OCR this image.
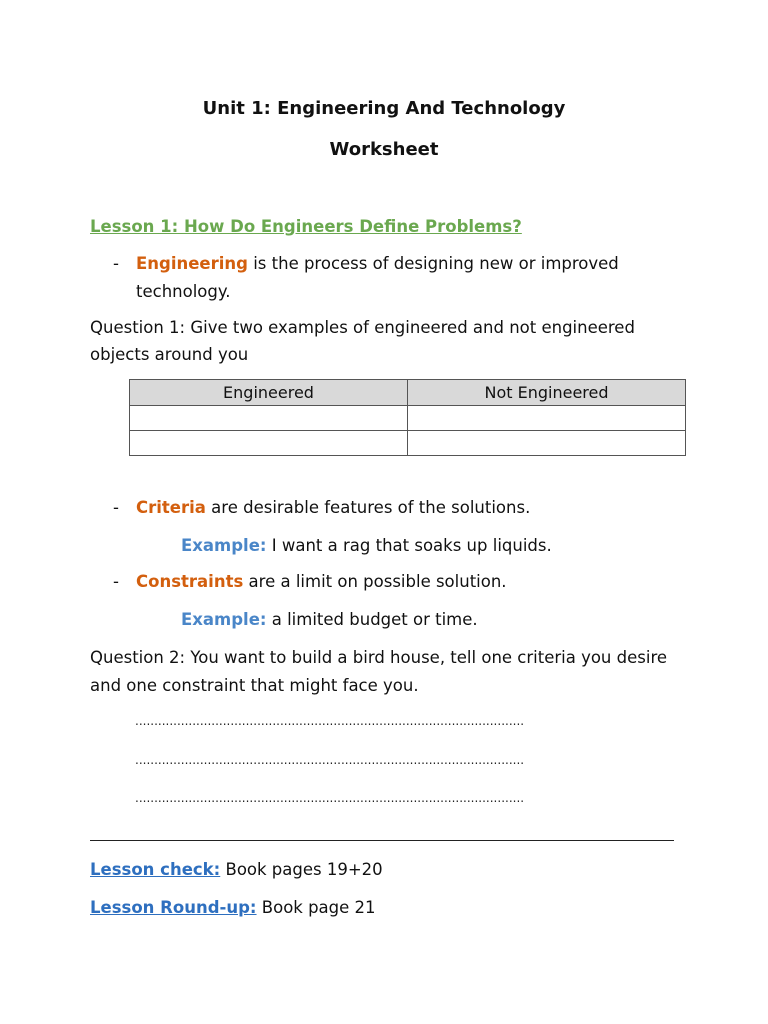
Unit 1: Engineering And Technology
Worksheet
Lesson 1: How Do Engineers Define Problems?
- Engineering is the process of designing new or improved
technology.
Question 1: Give two examples of engineered and not engineered
objects around you
Engineered	Not Engineered

- Criteria are desirable features of the solutions.
Example: I want a rag that soaks up liquids.
- Constraints are a limit on possible solution.
Example: a limited budget or time.
Question 2: You want to build a bird house, tell one criteria you desire
and one constraint that might face you.
......................................................................................................
......................................................................................................
......................................................................................................
Lesson check: Book pages 19+20
Lesson Round-up: Book page 21
